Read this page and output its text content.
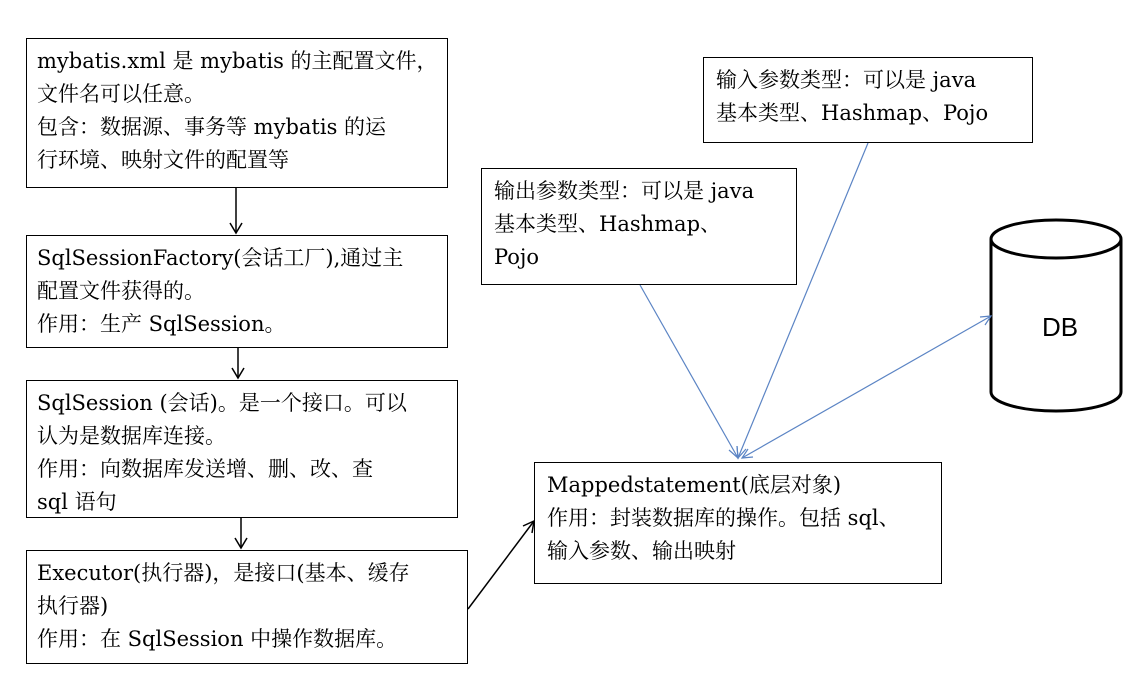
mybatis.xml 是 mybatis 的主配置文件，
文件名可以任意。
包含：数据源、事务等 mybatis 的运
行环境、映射文件的配置等
SqlSessionFactory(会话工厂),通过主
配置文件获得的。
作用：生产 SqlSession。
SqlSession (会话)。是一个接口。可以
认为是数据库连接。
作用：向数据库发送增、删、改、查
sql 语句
Executor(执行器)，是接口(基本、缓存
执行器)
作用：在 SqlSession 中操作数据库。
Mappedstatement(底层对象)
作用：封装数据库的操作。包括 sql、
输入参数、输出映射
输入参数类型：可以是 java
基本类型、Hashmap、Pojo
输出参数类型：可以是 java
基本类型、Hashmap、
Pojo
DB
